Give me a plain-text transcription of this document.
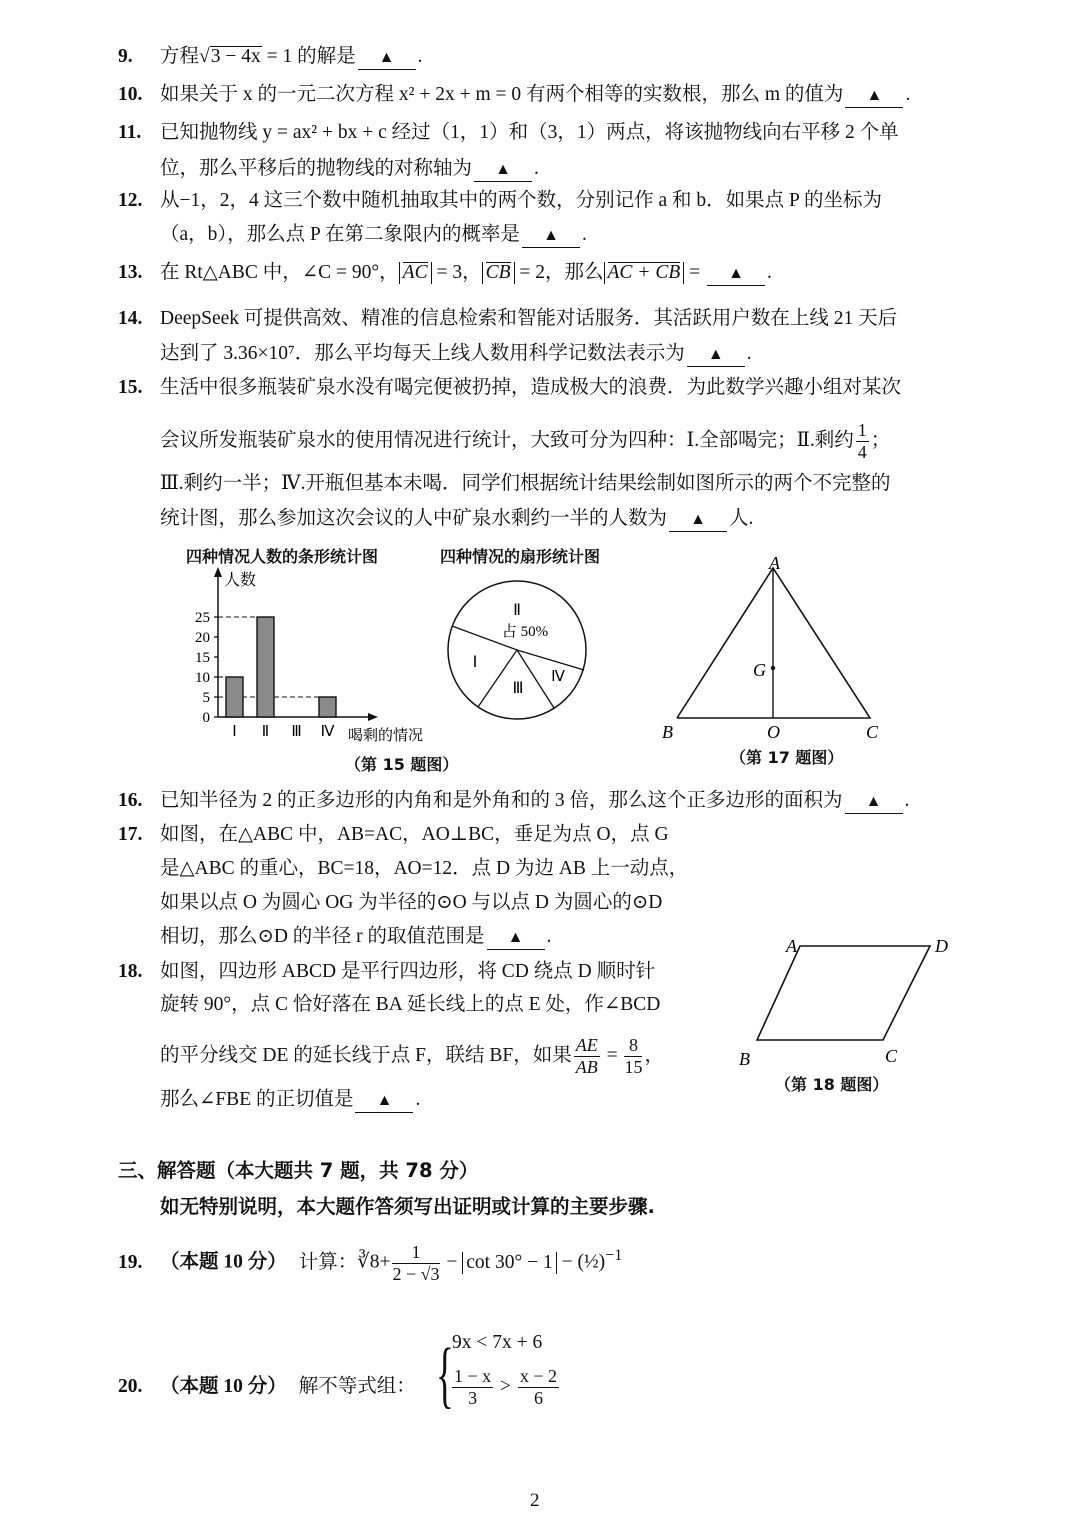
9. 方程√3 − 4x = 1 的解是 ▲ .
10. 如果关于 x 的一元二次方程 x² + 2x + m = 0 有两个相等的实数根，那么 m 的值为 ▲ .
11. 已知抛物线 y = ax² + bx + c 经过（1，1）和（3，1）两点，将该抛物线向右平移 2 个单
位，那么平移后的抛物线的对称轴为 ▲ .
12. 从−1，2，4 这三个数中随机抽取其中的两个数，分别记作 a 和 b．如果点 P 的坐标为
（a，b），那么点 P 在第二象限内的概率是 ▲ .
13. 在 Rt△ABC 中，∠C = 90°， AC = 3， CB = 2，那么 AC + CB = ▲ .
14. DeepSeek 可提供高效、精准的信息检索和智能对话服务．其活跃用户数在上线 21 天后
达到了 3.36×10⁷．那么平均每天上线人数用科学记数法表示为 ▲ .
15. 生活中很多瓶装矿泉水没有喝完便被扔掉，造成极大的浪费．为此数学兴趣小组对某次
会议所发瓶装矿泉水的使用情况进行统计，大致可分为四种：Ⅰ.全部喝完；Ⅱ.剩约 $\frac{1}{4}$ ；
Ⅲ.剩约一半；Ⅳ.开瓶但基本未喝．同学们根据统计结果绘制如图所示的两个不完整的
统计图，那么参加这次会议的人中矿泉水剩约一半的人数为 ▲ 人.
四种情况人数的条形统计图
0
5
10
15
20
25
Ⅰ Ⅱ Ⅲ Ⅳ
人数
喝剩的情况
四种情况的扇形统计图
Ⅱ
占 50%
Ⅰ
Ⅲ
Ⅳ
（第 15 题图）
A
B	C
O
G
（第 17 题图）
16. 已知半径为 2 的正多边形的内角和是外角和的 3 倍，那么这个正多边形的面积为 ▲ .
17. 如图，在△ABC 中，AB=AC，AO⊥BC，垂足为点 O，点 G
是△ABC 的重心，BC=18，AO=12．点 D 为边 AB 上一动点，
如果以点 O 为圆心 OG 为半径的⊙O 与以点 D 为圆心的⊙D
相切，那么⊙D 的半径 r 的取值范围是 ▲ .	A	D
B	C
（第 18 题图）
18. 如图，四边形 ABCD 是平行四边形，将 CD 绕点 D 顺时针
旋转 90°，点 C 恰好落在 BA 延长线上的点 E 处，作∠BCD
的平分线交 DE 的延长线于点 F，联结 BF，如果 $\frac{AE}{AB} = \frac{8}{15}$ ，
那么∠FBE 的正切值是 ▲ .
三、解答题（本大题共 7 题，共 78 分）
如无特别说明，本大题作答须写出证明或计算的主要步骤.
19. （本题 10 分） 计算：∛8+ $\frac{1}{2 - √3} - \cot 30^\circ - 1$ − (½)$^{-1}$
20. （本题 10 分） 解不等式组： {
9x < 7x + 6
$\frac{1 - x}{3} > \frac{x - 2}{6}$
2
